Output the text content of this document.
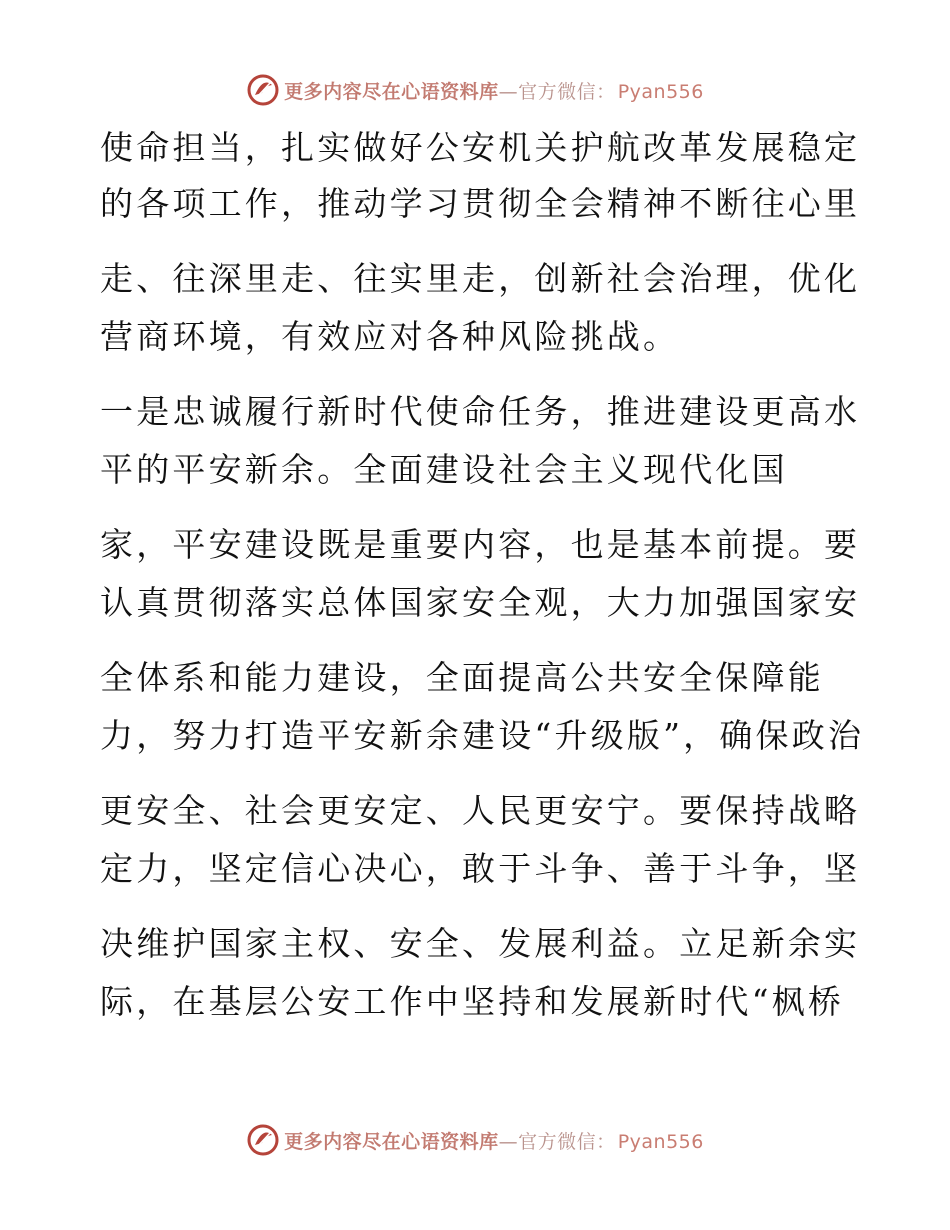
更多内容尽在心语资料库—官方微信： Pyan556
使命担当，扎实做好公安机关护航改革发展稳定
的各项工作，推动学习贯彻全会精神不断往心里
走、往深里走、往实里走，创新社会治理，优化
营商环境，有效应对各种风险挑战。
一是忠诚履行新时代使命任务，推进建设更高水
平的平安新余。全面建设社会主义现代化国
家，平安建设既是重要内容，也是基本前提。要
认真贯彻落实总体国家安全观，大力加强国家安
全体系和能力建设，全面提高公共安全保障能
力，努力打造平安新余建设“升级版”，确保政治
更安全、社会更安定、人民更安宁。要保持战略
定力，坚定信心决心，敢于斗争、善于斗争，坚
决维护国家主权、安全、发展利益。立足新余实
际，在基层公安工作中坚持和发展新时代“枫桥
更多内容尽在心语资料库—官方微信： Pyan556
